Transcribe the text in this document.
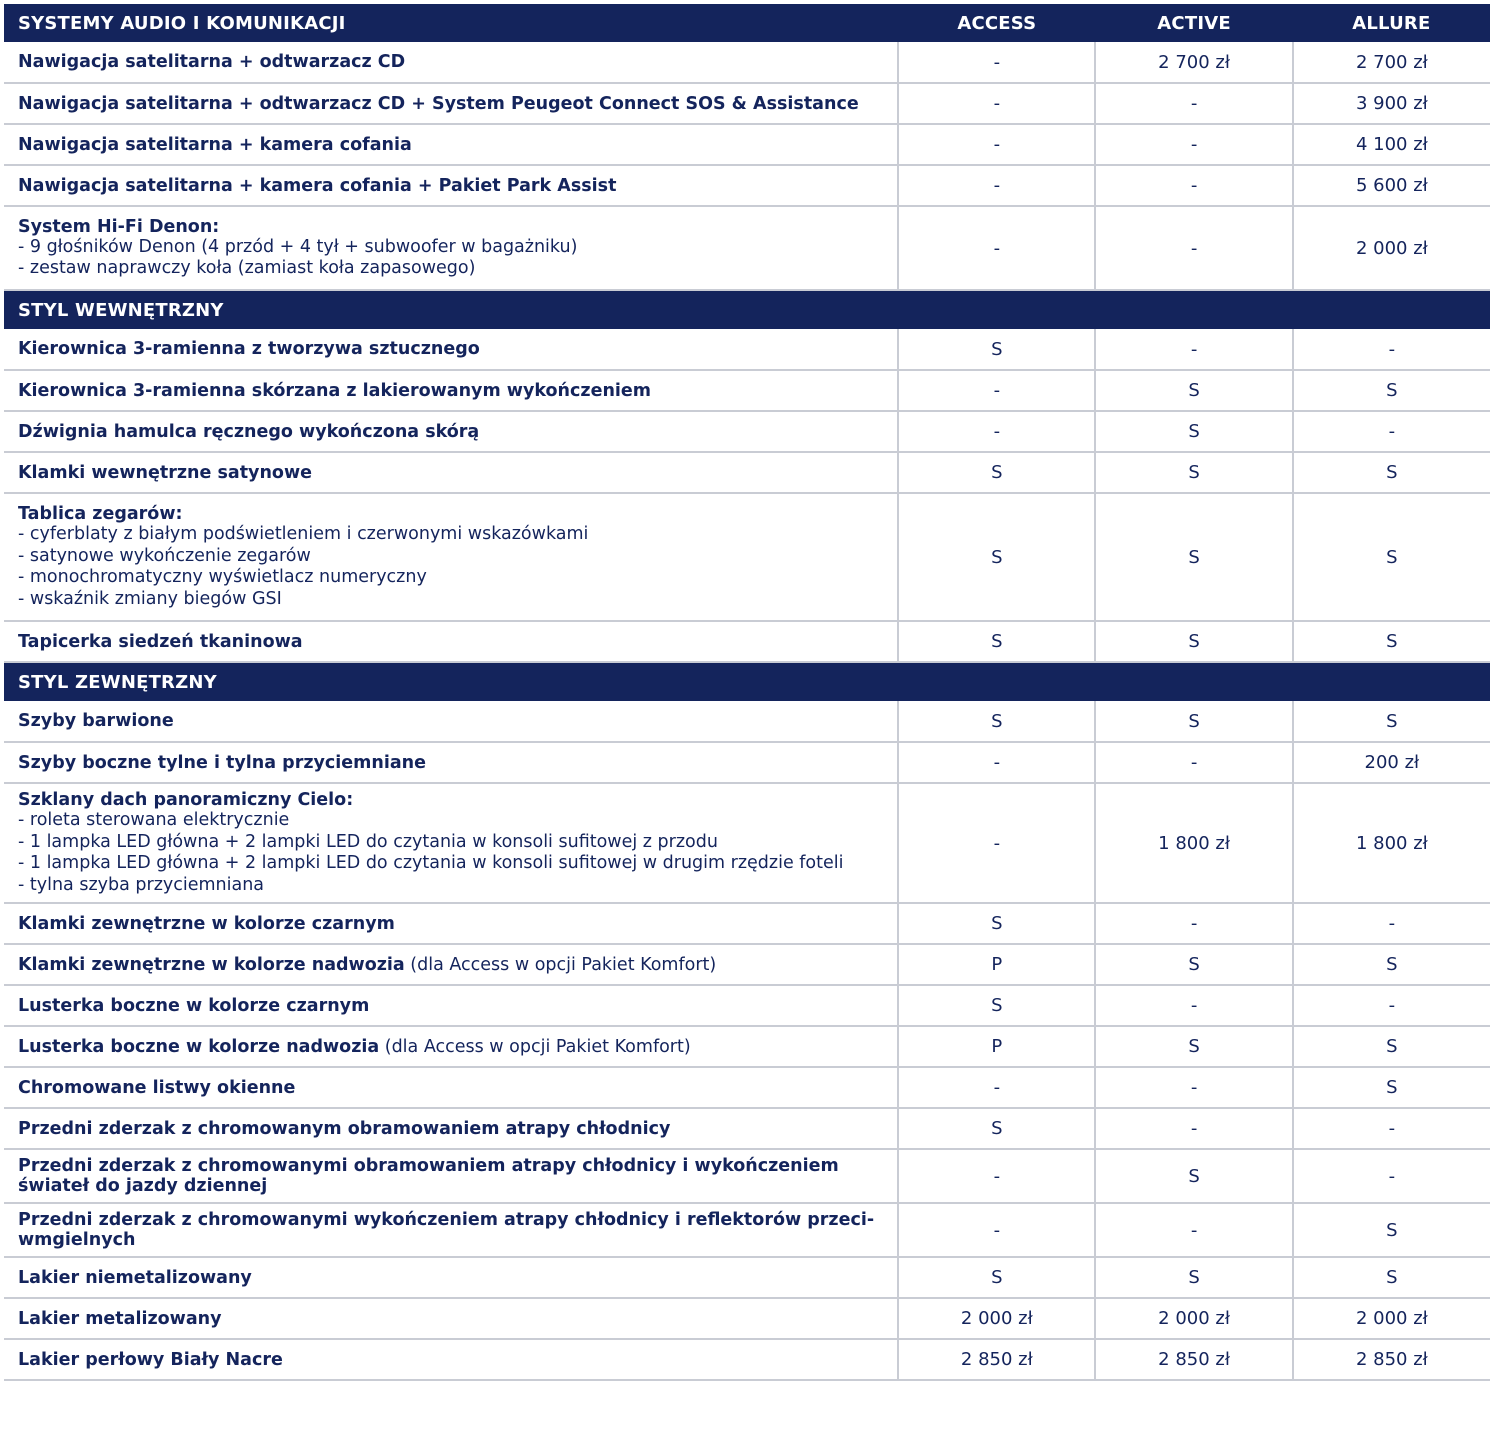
SYSTEMY AUDIO I KOMUNIKACJI	ACCESS	ACTIVE	ALLURE
Nawigacja satelitarna + odtwarzacz CD	-	2 700 zł	2 700 zł
Nawigacja satelitarna + odtwarzacz CD + System Peugeot Connect SOS & Assistance	-	-	3 900 zł
Nawigacja satelitarna + kamera cofania	-	-	4 100 zł
Nawigacja satelitarna + kamera cofania + Pakiet Park Assist	-	-	5 600 zł

System Hi-Fi Denon:
- 9 głośników Denon (4 przód + 4 tył + subwoofer w bagażniku)
- zestaw naprawczy koła (zamiast koła zapasowego)	-	-	2 000 zł
STYL WEWNĘTRZNY			
Kierownica 3-ramienna z tworzywa sztucznego	S	-	-
Kierownica 3-ramienna skórzana z lakierowanym wykończeniem	-	S	S
Dźwignia hamulca ręcznego wykończona skórą	-	S	-
Klamki wewnętrzne satynowe	S	S	S

Tablica zegarów:
- cyferblaty z białym podświetleniem i czerwonymi wskazówkami
- satynowe wykończenie zegarów
- monochromatyczny wyświetlacz numeryczny
- wskaźnik zmiany biegów GSI	S	S	S
Tapicerka siedzeń tkaninowa	S	S	S
STYL ZEWNĘTRZNY			
Szyby barwione	S	S	S
Szyby boczne tylne i tylna przyciemniane	-	-	200 zł

Szklany dach panoramiczny Cielo:
- roleta sterowana elektrycznie
- 1 lampka LED główna + 2 lampki LED do czytania w konsoli sufitowej z przodu
- 1 lampka LED główna + 2 lampki LED do czytania w konsoli sufitowej w drugim rzędzie foteli
- tylna szyba przyciemniana	-	1 800 zł	1 800 zł
Klamki zewnętrzne w kolorze czarnym	S	-	-
Klamki zewnętrzne w kolorze nadwozia (dla Access w opcji Pakiet Komfort)	P	S	S
Lusterka boczne w kolorze czarnym	S	-	-
Lusterka boczne w kolorze nadwozia (dla Access w opcji Pakiet Komfort)	P	S	S
Chromowane listwy okienne	-	-	S
Przedni zderzak z chromowanym obramowaniem atrapy chłodnicy	S	-	-
Przedni zderzak z chromowanymi obramowaniem atrapy chłodnicy i wykończeniem świateł do jazdy dziennej	-	S	-
Przedni zderzak z chromowanymi wykończeniem atrapy chłodnicy i reflektorów przeci-wmgielnych	-	-	S
Lakier niemetalizowany	S	S	S
Lakier metalizowany	2 000 zł	2 000 zł	2 000 zł
Lakier perłowy Biały Nacre	2 850 zł	2 850 zł	2 850 zł
